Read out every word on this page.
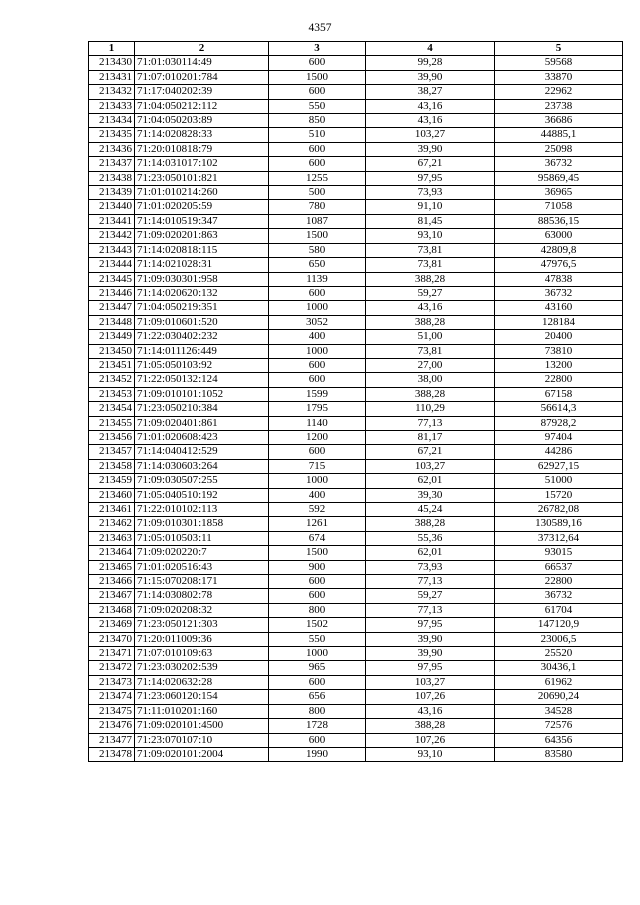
4357
1	2	3	4	5
213430	71:01:030114:49	600	99,28	59568
213431	71:07:010201:784	1500	39,90	33870
213432	71:17:040202:39	600	38,27	22962
213433	71:04:050212:112	550	43,16	23738
213434	71:04:050203:89	850	43,16	36686
213435	71:14:020828:33	510	103,27	44885,1
213436	71:20:010818:79	600	39,90	25098
213437	71:14:031017:102	600	67,21	36732
213438	71:23:050101:821	1255	97,95	95869,45
213439	71:01:010214:260	500	73,93	36965
213440	71:01:020205:59	780	91,10	71058
213441	71:14:010519:347	1087	81,45	88536,15
213442	71:09:020201:863	1500	93,10	63000
213443	71:14:020818:115	580	73,81	42809,8
213444	71:14:021028:31	650	73,81	47976,5
213445	71:09:030301:958	1139	388,28	47838
213446	71:14:020620:132	600	59,27	36732
213447	71:04:050219:351	1000	43,16	43160
213448	71:09:010601:520	3052	388,28	128184
213449	71:22:030402:232	400	51,00	20400
213450	71:14:011126:449	1000	73,81	73810
213451	71:05:050103:92	600	27,00	13200
213452	71:22:050132:124	600	38,00	22800
213453	71:09:010101:1052	1599	388,28	67158
213454	71:23:050210:384	1795	110,29	56614,3
213455	71:09:020401:861	1140	77,13	87928,2
213456	71:01:020608:423	1200	81,17	97404
213457	71:14:040412:529	600	67,21	44286
213458	71:14:030603:264	715	103,27	62927,15
213459	71:09:030507:255	1000	62,01	51000
213460	71:05:040510:192	400	39,30	15720
213461	71:22:010102:113	592	45,24	26782,08
213462	71:09:010301:1858	1261	388,28	130589,16
213463	71:05:010503:11	674	55,36	37312,64
213464	71:09:020220:7	1500	62,01	93015
213465	71:01:020516:43	900	73,93	66537
213466	71:15:070208:171	600	77,13	22800
213467	71:14:030802:78	600	59,27	36732
213468	71:09:020208:32	800	77,13	61704
213469	71:23:050121:303	1502	97,95	147120,9
213470	71:20:011009:36	550	39,90	23006,5
213471	71:07:010109:63	1000	39,90	25520
213472	71:23:030202:539	965	97,95	30436,1
213473	71:14:020632:28	600	103,27	61962
213474	71:23:060120:154	656	107,26	20690,24
213475	71:11:010201:160	800	43,16	34528
213476	71:09:020101:4500	1728	388,28	72576
213477	71:23:070107:10	600	107,26	64356
213478	71:09:020101:2004	1990	93,10	83580
